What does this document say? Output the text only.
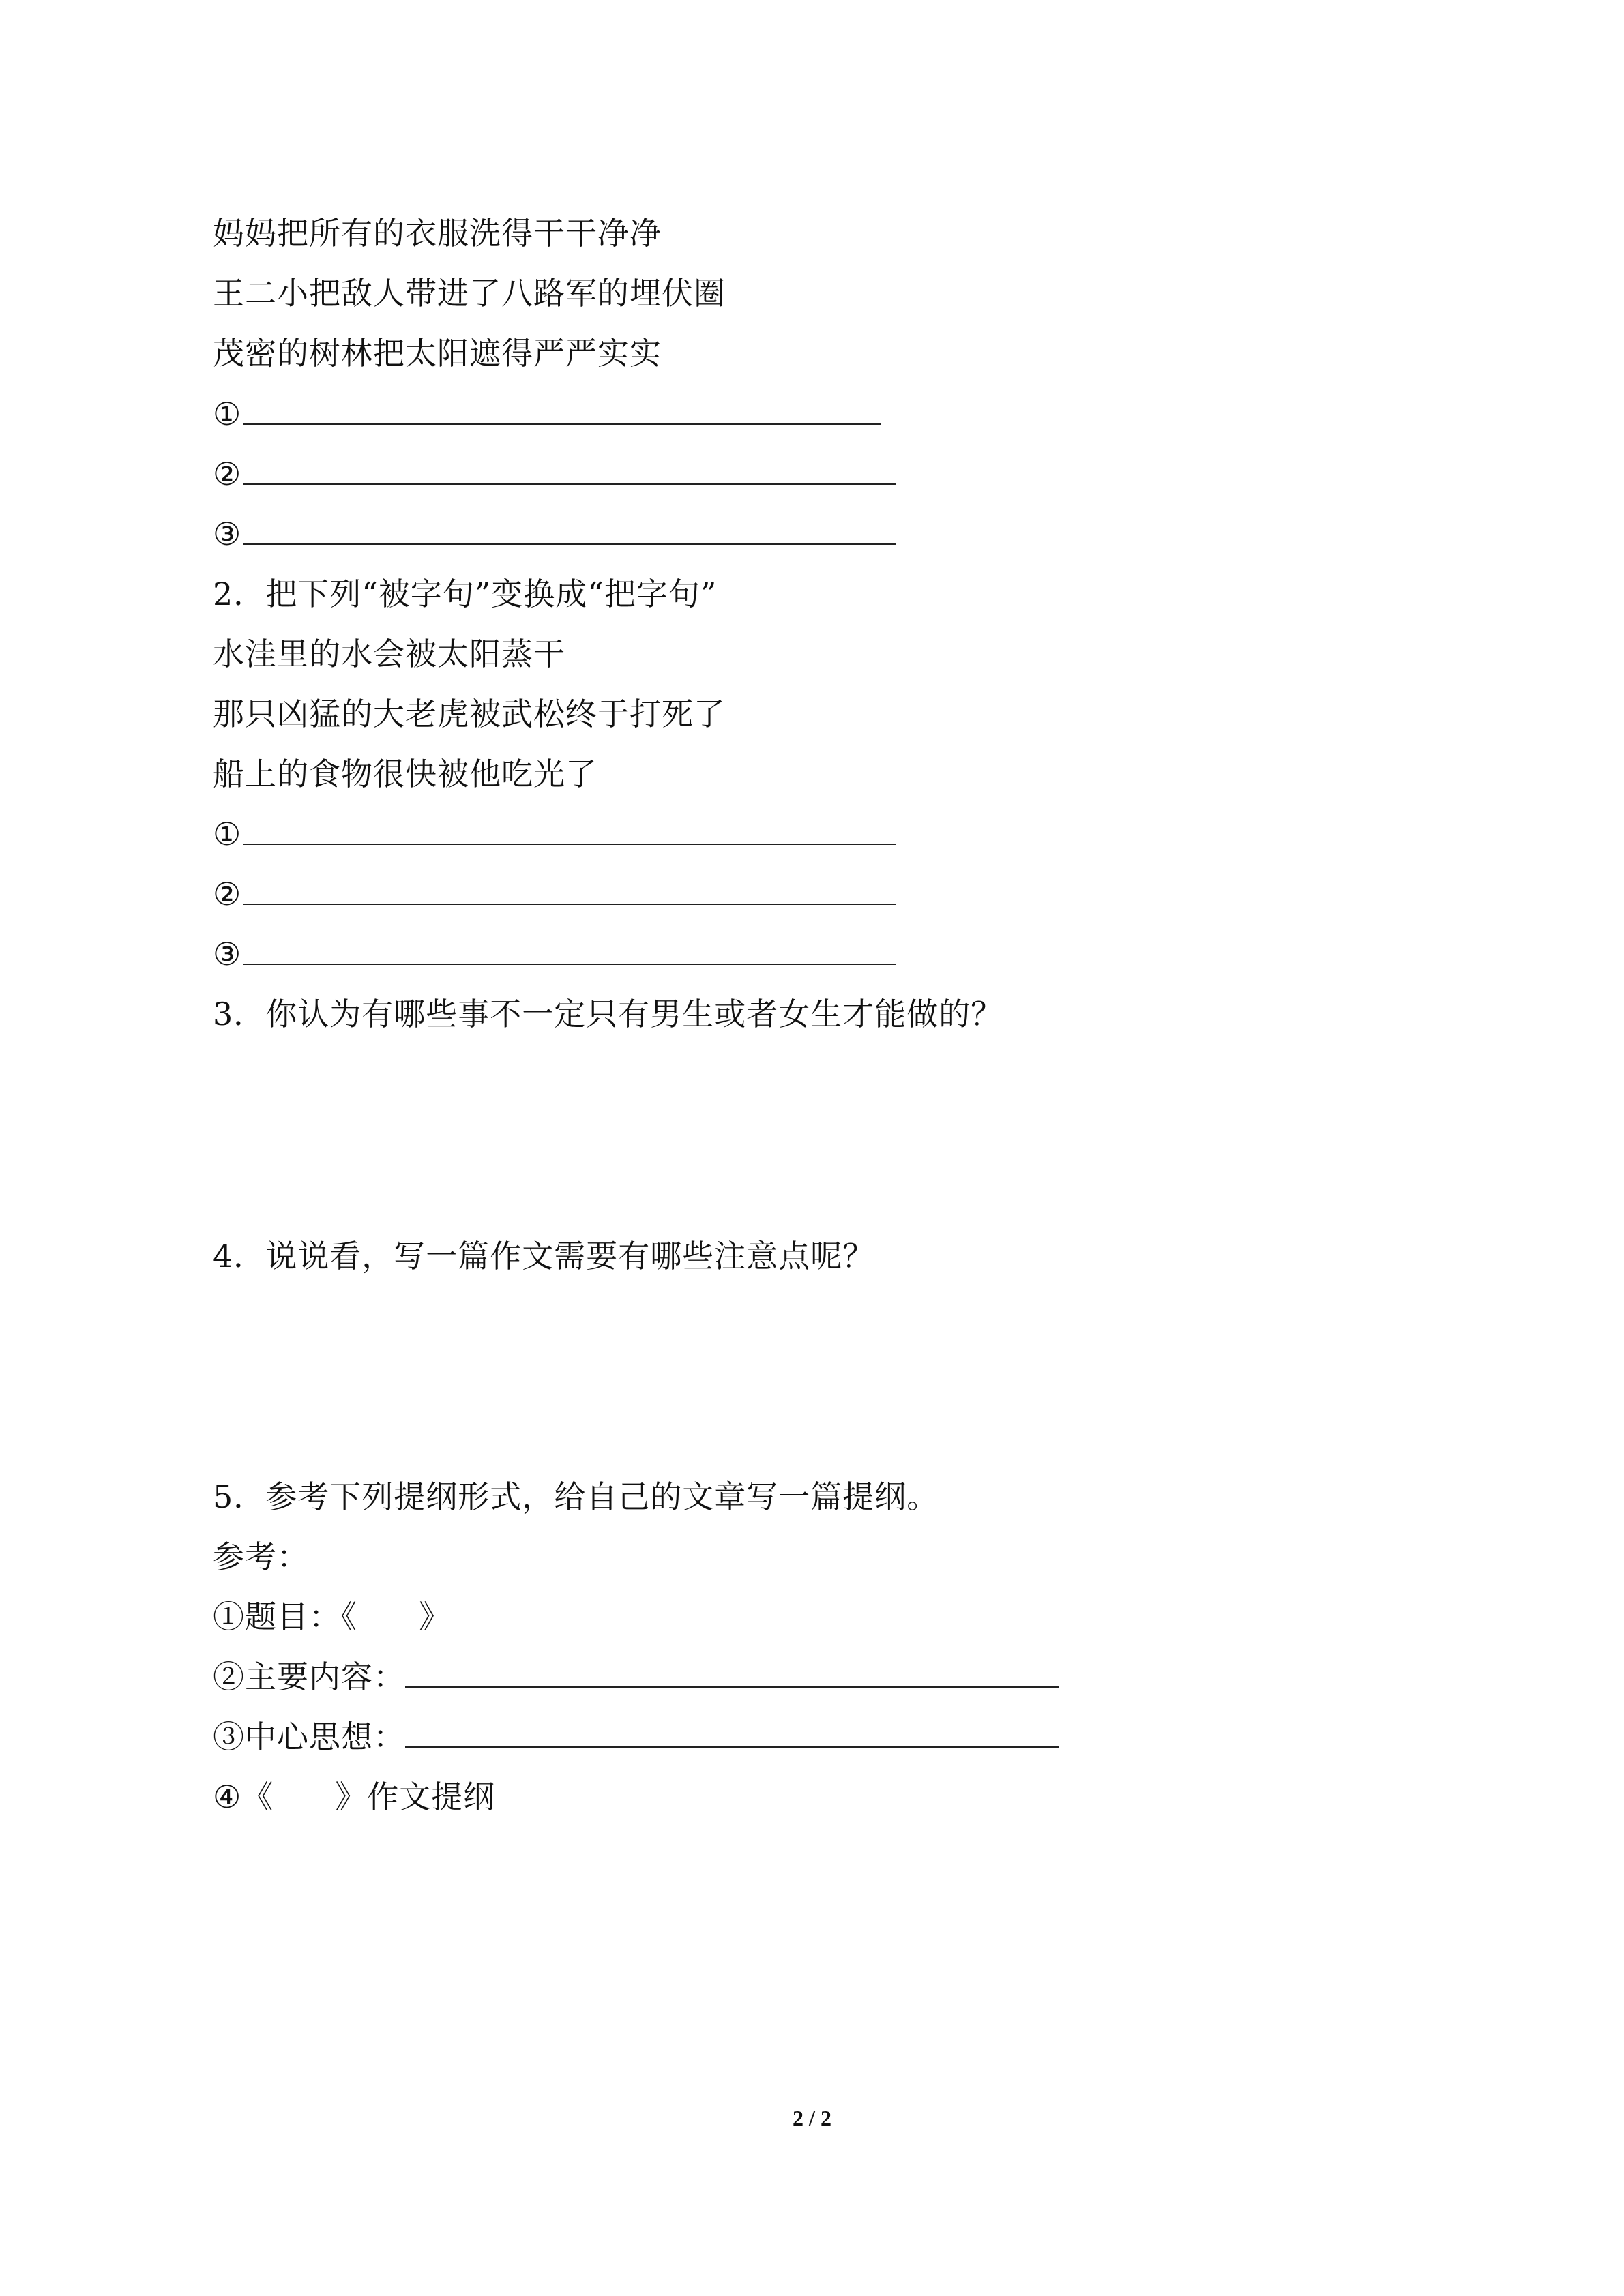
妈妈把所有的衣服洗得干干净净
王二小把敌人带进了八路军的埋伏圈
茂密的树林把太阳遮得严严实实
①
②
③
2．把下列“被字句”变换成“把字句”
水洼里的水会被太阳蒸干
那只凶猛的大老虎被武松终于打死了
船上的食物很快被他吃光了
①
②
③
3．你认为有哪些事不一定只有男生或者女生才能做的？
4．说说看，写一篇作文需要有哪些注意点呢？
5．参考下列提纲形式，给自己的文章写一篇提纲。
参考：
①题目：《 》
②主要内容：
③中心思想：
④《 》作文提纲
2 / 2
